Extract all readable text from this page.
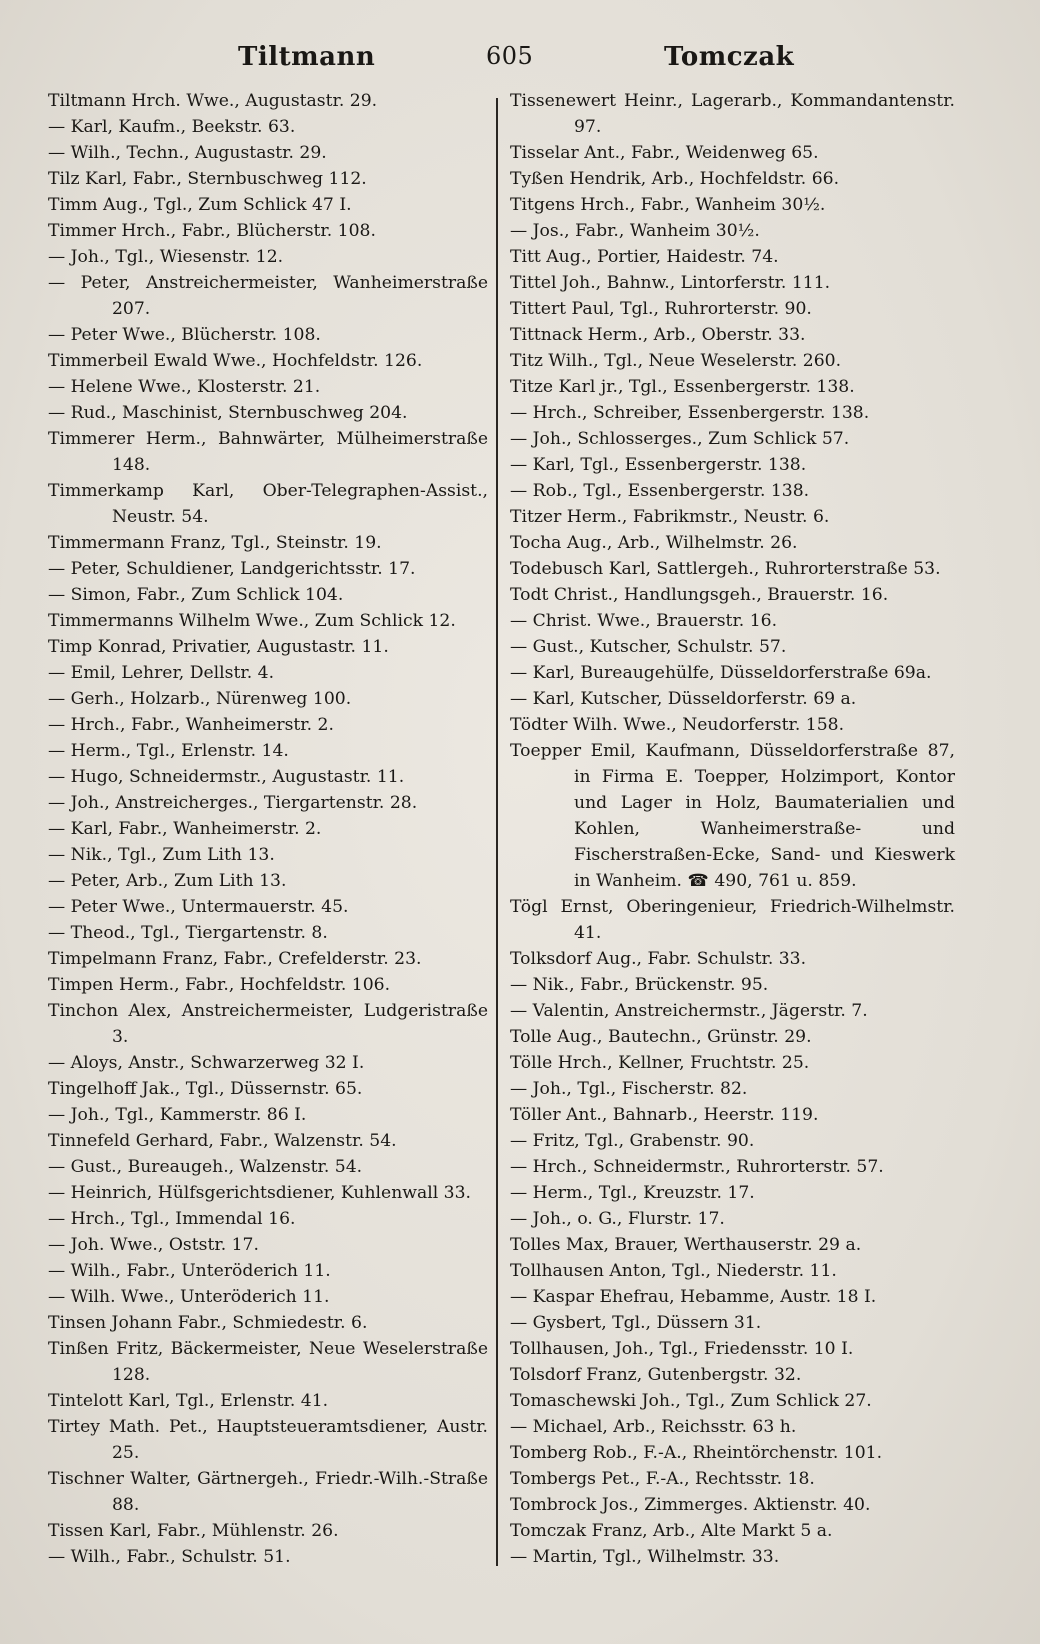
Tiltmann	605	Tomczak
Tiltmann Hrch. Wwe., Augustastr. 29.
— Karl, Kaufm., Beekstr. 63.
— Wilh., Techn., Augustastr. 29.
Tilz Karl, Fabr., Sternbuschweg 112.
Timm Aug., Tgl., Zum Schlick 47 I.
Timmer Hrch., Fabr., Blücherstr. 108.
— Joh., Tgl., Wiesenstr. 12.
— Peter, Anstreichermeister, Wanheimerstraße 207.
— Peter Wwe., Blücherstr. 108.
Timmerbeil Ewald Wwe., Hochfeldstr. 126.
— Helene Wwe., Klosterstr. 21.
— Rud., Maschinist, Sternbuschweg 204.
Timmerer Herm., Bahnwärter, Mülheimerstraße 148.
Timmerkamp Karl, Ober-Telegraphen-Assist., Neustr. 54.
Timmermann Franz, Tgl., Steinstr. 19.
— Peter, Schuldiener, Landgerichtsstr. 17.
— Simon, Fabr., Zum Schlick 104.
Timmermanns Wilhelm Wwe., Zum Schlick 12.
Timp Konrad, Privatier, Augustastr. 11.
— Emil, Lehrer, Dellstr. 4.
— Gerh., Holzarb., Nürenweg 100.
— Hrch., Fabr., Wanheimerstr. 2.
— Herm., Tgl., Erlenstr. 14.
— Hugo, Schneidermstr., Augustastr. 11.
— Joh., Anstreicherges., Tiergartenstr. 28.
— Karl, Fabr., Wanheimerstr. 2.
— Nik., Tgl., Zum Lith 13.
— Peter, Arb., Zum Lith 13.
— Peter Wwe., Untermauerstr. 45.
— Theod., Tgl., Tiergartenstr. 8.
Timpelmann Franz, Fabr., Crefelderstr. 23.
Timpen Herm., Fabr., Hochfeldstr. 106.
Tinchon Alex, Anstreichermeister, Ludgeristraße 3.
— Aloys, Anstr., Schwarzerweg 32 I.
Tingelhoff Jak., Tgl., Düssernstr. 65.
— Joh., Tgl., Kammerstr. 86 I.
Tinnefeld Gerhard, Fabr., Walzenstr. 54.
— Gust., Bureaugeh., Walzenstr. 54.
— Heinrich, Hülfsgerichtsdiener, Kuhlenwall 33.
— Hrch., Tgl., Immendal 16.
— Joh. Wwe., Oststr. 17.
— Wilh., Fabr., Unteröderich 11.
— Wilh. Wwe., Unteröderich 11.
Tinsen Johann Fabr., Schmiedestr. 6.
Tinßen Fritz, Bäckermeister, Neue Weselerstraße 128.
Tintelott Karl, Tgl., Erlenstr. 41.
Tirtey Math. Pet., Hauptsteueramtsdiener, Austr. 25.
Tischner Walter, Gärtnergeh., Friedr.-Wilh.-Straße 88.
Tissen Karl, Fabr., Mühlenstr. 26.
— Wilh., Fabr., Schulstr. 51.
Tissenewert Heinr., Lagerarb., Kommandantenstr. 97.
Tisselar Ant., Fabr., Weidenweg 65.
Tyßen Hendrik, Arb., Hochfeldstr. 66.
Titgens Hrch., Fabr., Wanheim 30½.
— Jos., Fabr., Wanheim 30½.
Titt Aug., Portier, Haidestr. 74.
Tittel Joh., Bahnw., Lintorferstr. 111.
Tittert Paul, Tgl., Ruhrorterstr. 90.
Tittnack Herm., Arb., Oberstr. 33.
Titz Wilh., Tgl., Neue Weselerstr. 260.
Titze Karl jr., Tgl., Essenbergerstr. 138.
— Hrch., Schreiber, Essenbergerstr. 138.
— Joh., Schlosserges., Zum Schlick 57.
— Karl, Tgl., Essenbergerstr. 138.
— Rob., Tgl., Essenbergerstr. 138.
Titzer Herm., Fabrikmstr., Neustr. 6.
Tocha Aug., Arb., Wilhelmstr. 26.
Todebusch Karl, Sattlergeh., Ruhrorterstraße 53.
Todt Christ., Handlungsgeh., Brauerstr. 16.
— Christ. Wwe., Brauerstr. 16.
— Gust., Kutscher, Schulstr. 57.
— Karl, Bureaugehülfe, Düsseldorferstraße 69a.
— Karl, Kutscher, Düsseldorferstr. 69 a.
Tödter Wilh. Wwe., Neudorferstr. 158.
Toepper Emil, Kaufmann, Düsseldorferstraße 87, in Firma E. Toepper, Holzimport, Kontor und Lager in Holz, Baumaterialien und Kohlen, Wanheimerstraße- und Fischerstraßen-Ecke, Sand- und Kieswerk in Wanheim. ☎ 490, 761 u. 859.
Tögl Ernst, Oberingenieur, Friedrich-Wilhelmstr. 41.
Tolksdorf Aug., Fabr. Schulstr. 33.
— Nik., Fabr., Brückenstr. 95.
— Valentin, Anstreichermstr., Jägerstr. 7.
Tolle Aug., Bautechn., Grünstr. 29.
Tölle Hrch., Kellner, Fruchtstr. 25.
— Joh., Tgl., Fischerstr. 82.
Töller Ant., Bahnarb., Heerstr. 119.
— Fritz, Tgl., Grabenstr. 90.
— Hrch., Schneidermstr., Ruhrorterstr. 57.
— Herm., Tgl., Kreuzstr. 17.
— Joh., o. G., Flurstr. 17.
Tolles Max, Brauer, Werthauserstr. 29 a.
Tollhausen Anton, Tgl., Niederstr. 11.
— Kaspar Ehefrau, Hebamme, Austr. 18 I.
— Gysbert, Tgl., Düssern 31.
Tollhausen, Joh., Tgl., Friedensstr. 10 I.
Tolsdorf Franz, Gutenbergstr. 32.
Tomaschewski Joh., Tgl., Zum Schlick 27.
— Michael, Arb., Reichsstr. 63 h.
Tomberg Rob., F.-A., Rheintörchenstr. 101.
Tombergs Pet., F.-A., Rechtsstr. 18.
Tombrock Jos., Zimmerges. Aktienstr. 40.
Tomczak Franz, Arb., Alte Markt 5 a.
— Martin, Tgl., Wilhelmstr. 33.
